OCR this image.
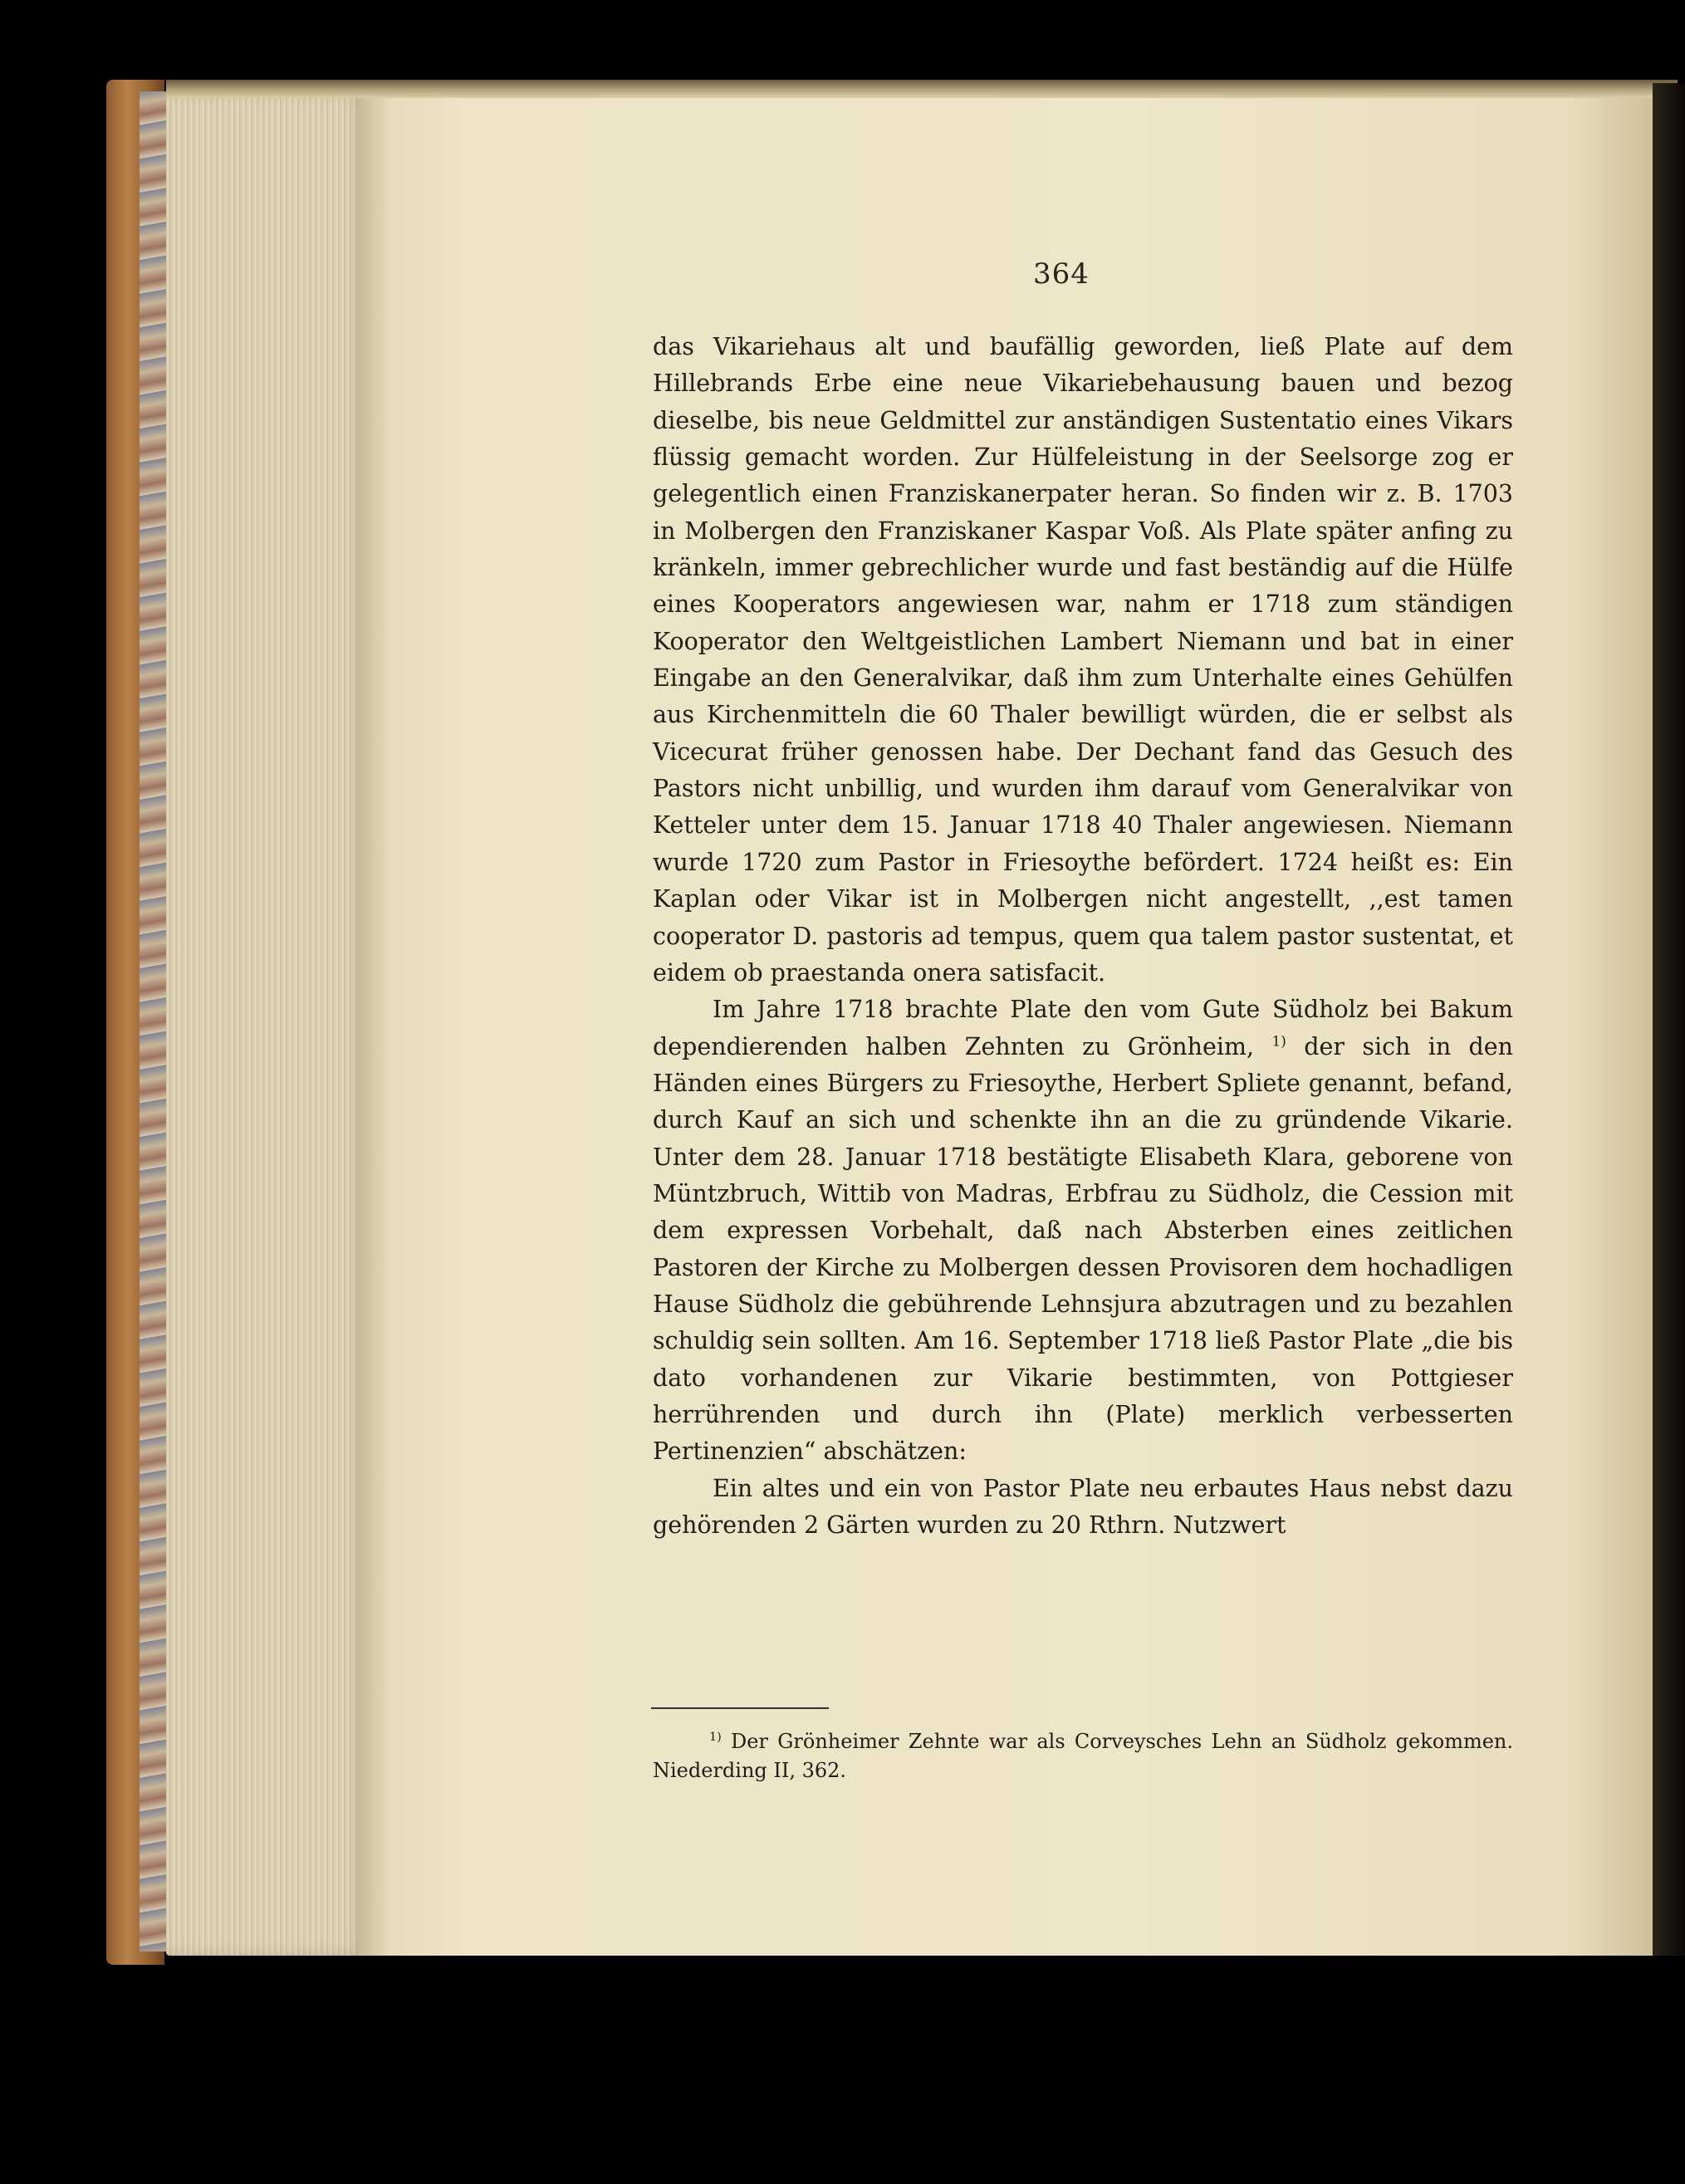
364

das Vikariehaus alt und baufällig geworden, ließ Plate auf dem Hillebrands Erbe eine neue Vikariebehausung bauen und bezog dieselbe, bis neue Geldmittel zur anständigen Sustentatio eines Vikars flüssig gemacht worden. Zur Hülfeleistung in der Seelsorge zog er gelegentlich einen Franziskanerpater heran. So finden wir z. B. 1703 in Molbergen den Franziskaner Kaspar Voß. Als Plate später anfing zu kränkeln, immer gebrechlicher wurde und fast beständig auf die Hülfe eines Kooperators angewiesen war, nahm er 1718 zum ständigen Kooperator den Weltgeistlichen Lambert Niemann und bat in einer Eingabe an den Generalvikar, daß ihm zum Unterhalte eines Gehülfen aus Kirchenmitteln die 60 Thaler bewilligt würden, die er selbst als Vicecurat früher genossen habe. Der Dechant fand das Gesuch des Pastors nicht unbillig, und wurden ihm darauf vom Generalvikar von Ketteler unter dem 15. Januar 1718 40 Thaler angewiesen. Niemann wurde 1720 zum Pastor in Friesoythe befördert. 1724 heißt es: Ein Kaplan oder Vikar ist in Molbergen nicht angestellt, ,,est tamen cooperator D. pastoris ad tempus, quem qua talem pastor sustentat, et eidem ob praestanda onera satisfacit.

Im Jahre 1718 brachte Plate den vom Gute Südholz bei Bakum dependierenden halben Zehnten zu Grönheim, $^{1)}$ der sich in den Händen eines Bürgers zu Friesoythe, Herbert Spliete genannt, befand, durch Kauf an sich und schenkte ihn an die zu gründende Vikarie. Unter dem 28. Januar 1718 bestätigte Elisabeth Klara, geborene von Müntzbruch, Wittib von Madras, Erbfrau zu Südholz, die Cession mit dem expressen Vorbehalt, daß nach Absterben eines zeitlichen Pastoren der Kirche zu Molbergen dessen Provisoren dem hochadligen Hause Südholz die gebührende Lehnsjura abzutragen und zu bezahlen schuldig sein sollten. Am 16. September 1718 ließ Pastor Plate „die bis dato vorhandenen zur Vikarie bestimmten, von Pottgieser herrührenden und durch ihn (Plate) merklich verbesserten Pertinenzien“ abschätzen:

Ein altes und ein von Pastor Plate neu erbautes Haus nebst dazu gehörenden 2 Gärten wurden zu 20 Rthrn. Nutzwert

$^{1)}$ Der Grönheimer Zehnte war als Corveysches Lehn an Südholz gekommen. Niederding II, 362.
